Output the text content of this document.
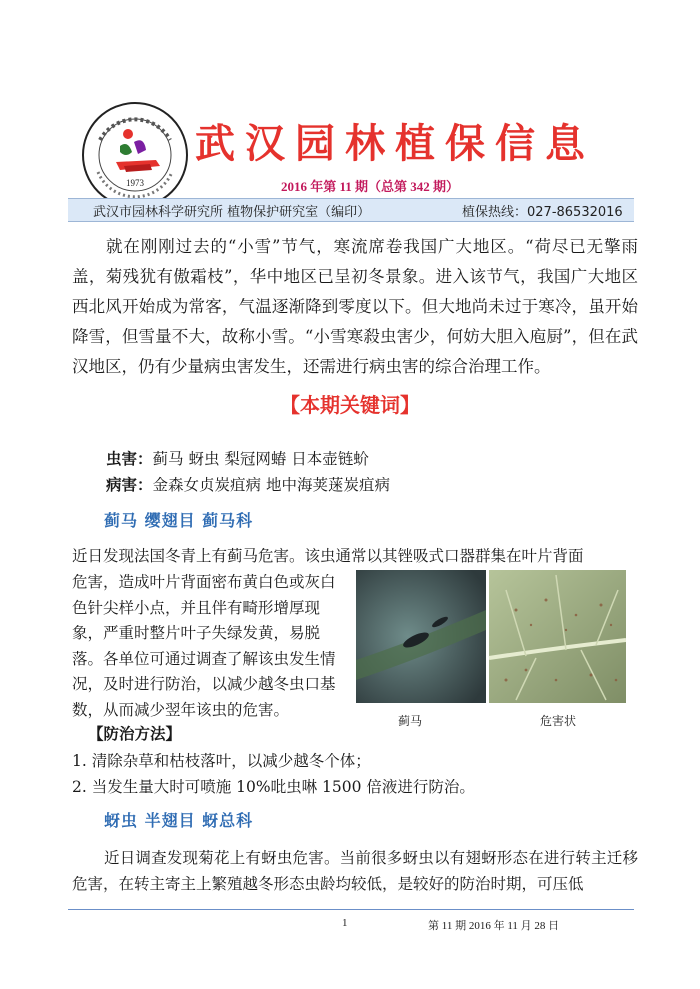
1973
武汉园林植保信息
2016 年第 11 期（总第 342 期）
武汉市园林科学研究所 植物保护研究室（编印）	植保热线：027-86532016
就在刚刚过去的“小雪”节气，寒流席卷我国广大地区。“荷尽已无擎雨盖，菊残犹有傲霜枝”，华中地区已呈初冬景象。进入该节气，我国广大地区西北风开始成为常客，气温逐渐降到零度以下。但大地尚未过于寒冷，虽开始降雪，但雪量不大，故称小雪。“小雪寒殺虫害少，何妨大胆入庖厨”，但在武汉地区，仍有少量病虫害发生，还需进行病虫害的综合治理工作。
【本期关键词】
虫害：蓟马 蚜虫 梨冠网蝽 日本壶链蚧
病害：金森女贞炭疽病 地中海荚蒾炭疽病
蓟马 缨翅目 蓟马科
近日发现法国冬青上有蓟马危害。该虫通常以其锉吸式口器群集在叶片背面
危害，造成叶片背面密布黄白色或灰白色针尖样小点，并且伴有畸形增厚现象，严重时整片叶子失绿发黄，易脱落。各单位可通过调查了解该虫发生情况，及时进行防治，以减少越冬虫口基数，从而减少翌年该虫的危害。
蓟马	危害状
【防治方法】
1. 清除杂草和枯枝落叶，以减少越冬个体；
2. 当发生量大时可喷施 10%吡虫啉 1500 倍液进行防治。
蚜虫 半翅目 蚜总科
近日调查发现菊花上有蚜虫危害。当前很多蚜虫以有翅蚜形态在进行转主迁移危害，在转主寄主上繁殖越冬形态虫龄均较低，是较好的防治时期，可压低
1	第 11 期 2016 年 11 月 28 日
